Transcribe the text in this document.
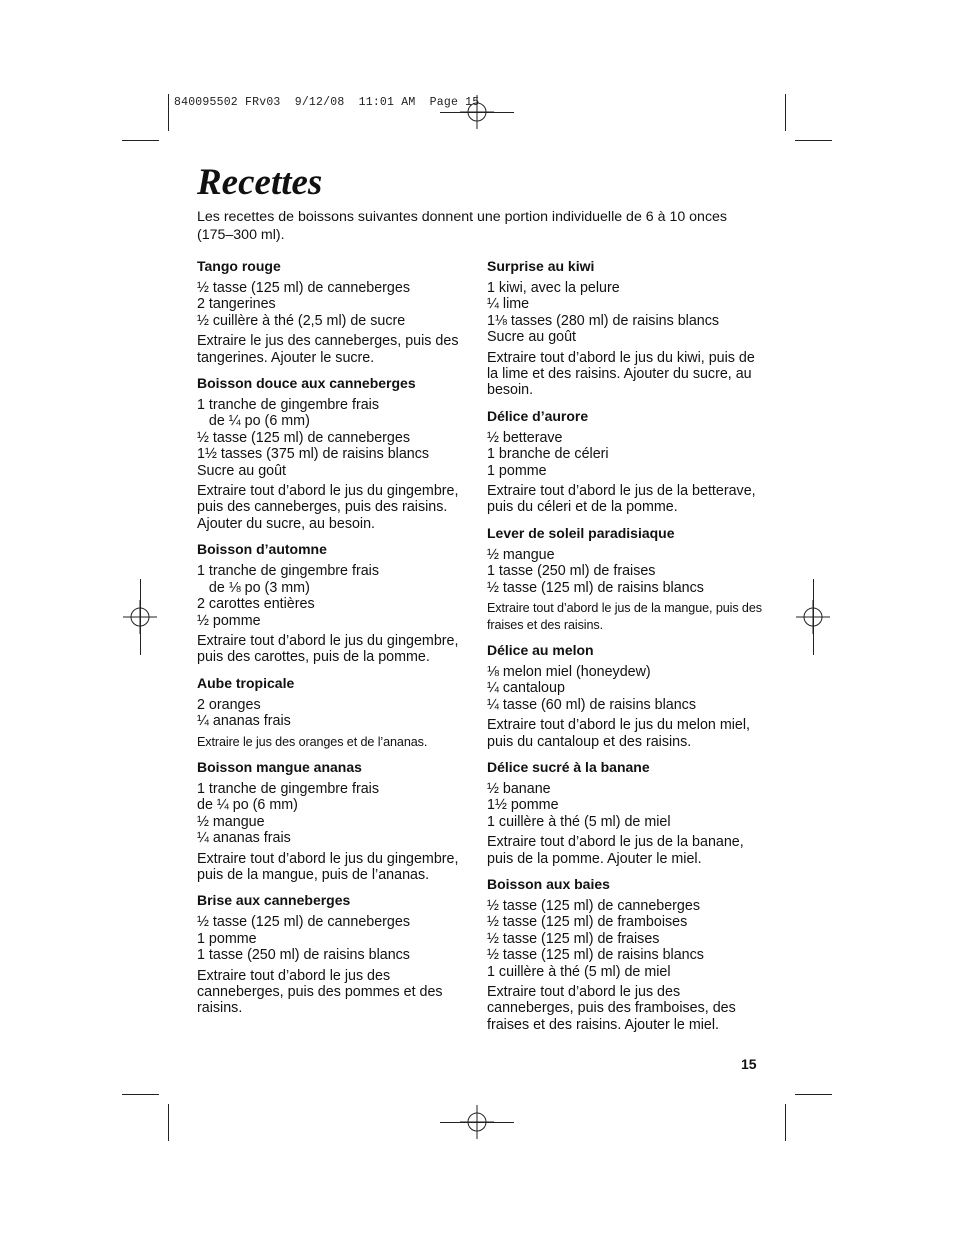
840095502 FRv03  9/12/08  11:01 AM  Page 15
Recettes

Les recettes de boissons suivantes donnent une portion individuelle de 6 à 10 onces (175–300 ml).

Tango rouge
½ tasse (125 ml) de canneberges
2 tangerines
½ cuillère à thé (2,5 ml) de sucre

Extraire le jus des canneberges, puis des tangerines. Ajouter le sucre.

Boisson douce aux canneberges
1 tranche de gingembre frais
de ¼ po (6 mm)
½ tasse (125 ml) de canneberges
1½ tasses (375 ml) de raisins blancs
Sucre au goût

Extraire tout d’abord le jus du gingembre, puis des canneberges, puis des raisins. Ajouter du sucre, au besoin.

Boisson d’automne
1 tranche de gingembre frais
de ⅛ po (3 mm)
2 carottes entières
½ pomme

Extraire tout d’abord le jus du gingembre, puis des carottes, puis de la pomme.

Aube tropicale
2 oranges
¼ ananas frais

Extraire le jus des oranges et de l’ananas.

Boisson mangue ananas
1 tranche de gingembre frais
de ¼ po (6 mm)
½ mangue
¼ ananas frais

Extraire tout d’abord le jus du gingembre, puis de la mangue, puis de l’ananas.

Brise aux canneberges
½ tasse (125 ml) de canneberges
1 pomme
1 tasse (250 ml) de raisins blancs

Extraire tout d’abord le jus des canneberges, puis des pommes et des raisins.

Surprise au kiwi
1 kiwi, avec la pelure
¼ lime
1⅛ tasses (280 ml) de raisins blancs
Sucre au goût

Extraire tout d’abord le jus du kiwi, puis de la lime et des raisins. Ajouter du sucre, au besoin.

Délice d’aurore
½ betterave
1 branche de céleri
1 pomme

Extraire tout d’abord le jus de la betterave, puis du céleri et de la pomme.

Lever de soleil paradisiaque
½ mangue
1 tasse (250 ml) de fraises
½ tasse (125 ml) de raisins blancs

Extraire tout d’abord le jus de la mangue, puis des fraises et des raisins.

Délice au melon
⅛ melon miel (honeydew)
¼ cantaloup
¼ tasse (60 ml) de raisins blancs

Extraire tout d’abord le jus du melon miel, puis du cantaloup et des raisins.

Délice sucré à la banane
½ banane
1½ pomme
1 cuillère à thé (5 ml) de miel

Extraire tout d’abord le jus de la banane, puis de la pomme. Ajouter le miel.

Boisson aux baies
½ tasse (125 ml) de canneberges
½ tasse (125 ml) de framboises
½ tasse (125 ml) de fraises
½ tasse (125 ml) de raisins blancs
1 cuillère à thé (5 ml) de miel

Extraire tout d’abord le jus des canneberges, puis des framboises, des fraises et des raisins. Ajouter le miel.

15
